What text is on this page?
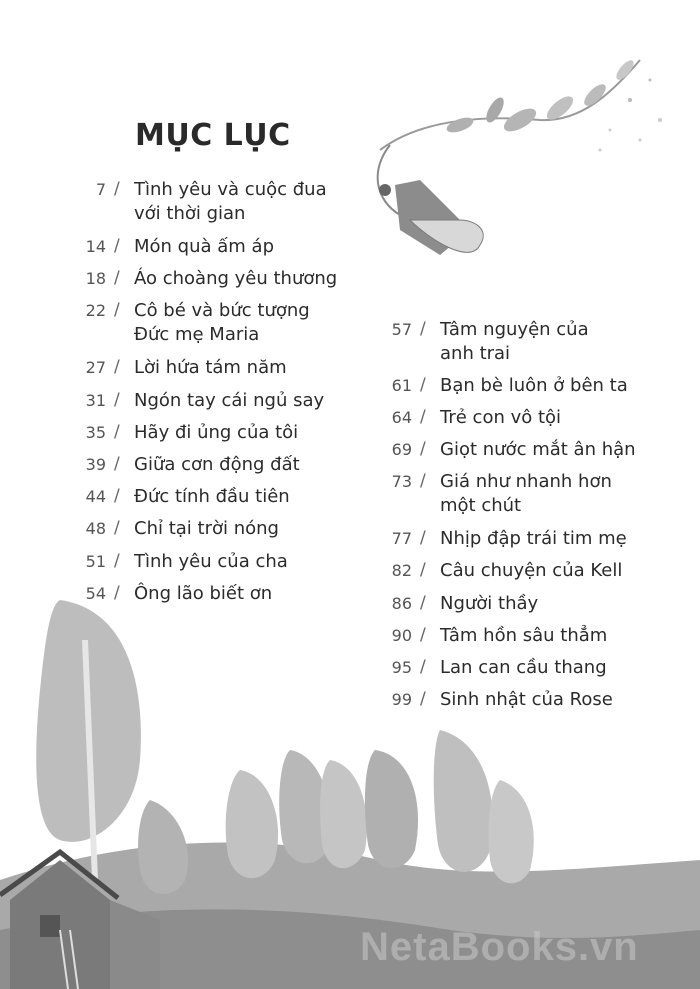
NetaBooks.vn
MỤC LỤC
7 / Tình yêu và cuộc đua
với thời gian
14 / Món quà ấm áp
18 / Áo choàng yêu thương
22 / Cô bé và bức tượng
Đức mẹ Maria
27 / Lời hứa tám năm
31 / Ngón tay cái ngủ say
35 / Hãy đi ủng của tôi
39 / Giữa cơn động đất
44 / Đức tính đầu tiên
48 / Chỉ tại trời nóng
51 / Tình yêu của cha
54 / Ông lão biết ơn
57 / Tâm nguyện của
anh trai
61 / Bạn bè luôn ở bên ta
64 / Trẻ con vô tội
69 / Giọt nước mắt ân hận
73 / Giá như nhanh hơn
một chút
77 / Nhịp đập trái tim mẹ
82 / Câu chuyện của Kell
86 / Người thầy
90 / Tâm hồn sâu thẳm
95 / Lan can cầu thang
99 / Sinh nhật của Rose
